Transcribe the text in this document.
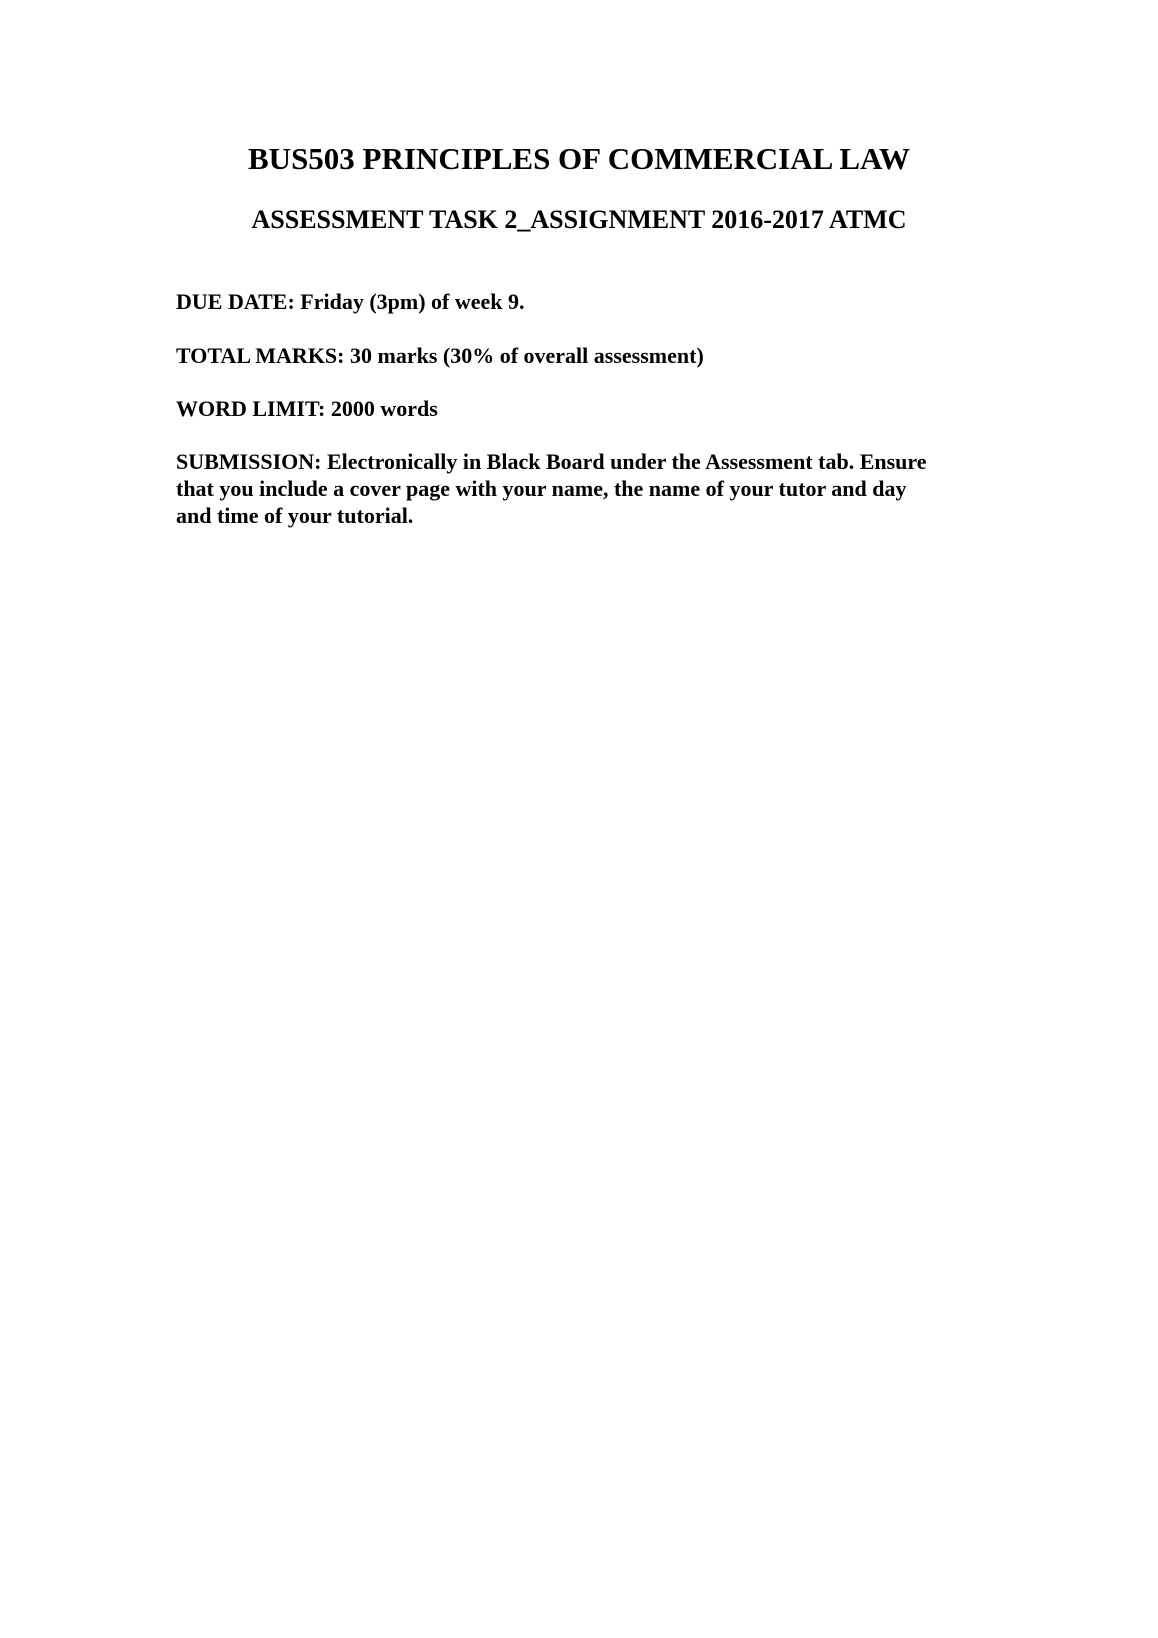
BUS503 PRINCIPLES OF COMMERCIAL LAW
ASSESSMENT TASK 2_ASSIGNMENT 2016-2017 ATMC

DUE DATE: Friday (3pm) of week 9.

TOTAL MARKS: 30 marks (30% of overall assessment)

WORD LIMIT: 2000 words

SUBMISSION: Electronically in Black Board under the Assessment tab. Ensure
that you include a cover page with your name, the name of your tutor and day
and time of your tutorial.
